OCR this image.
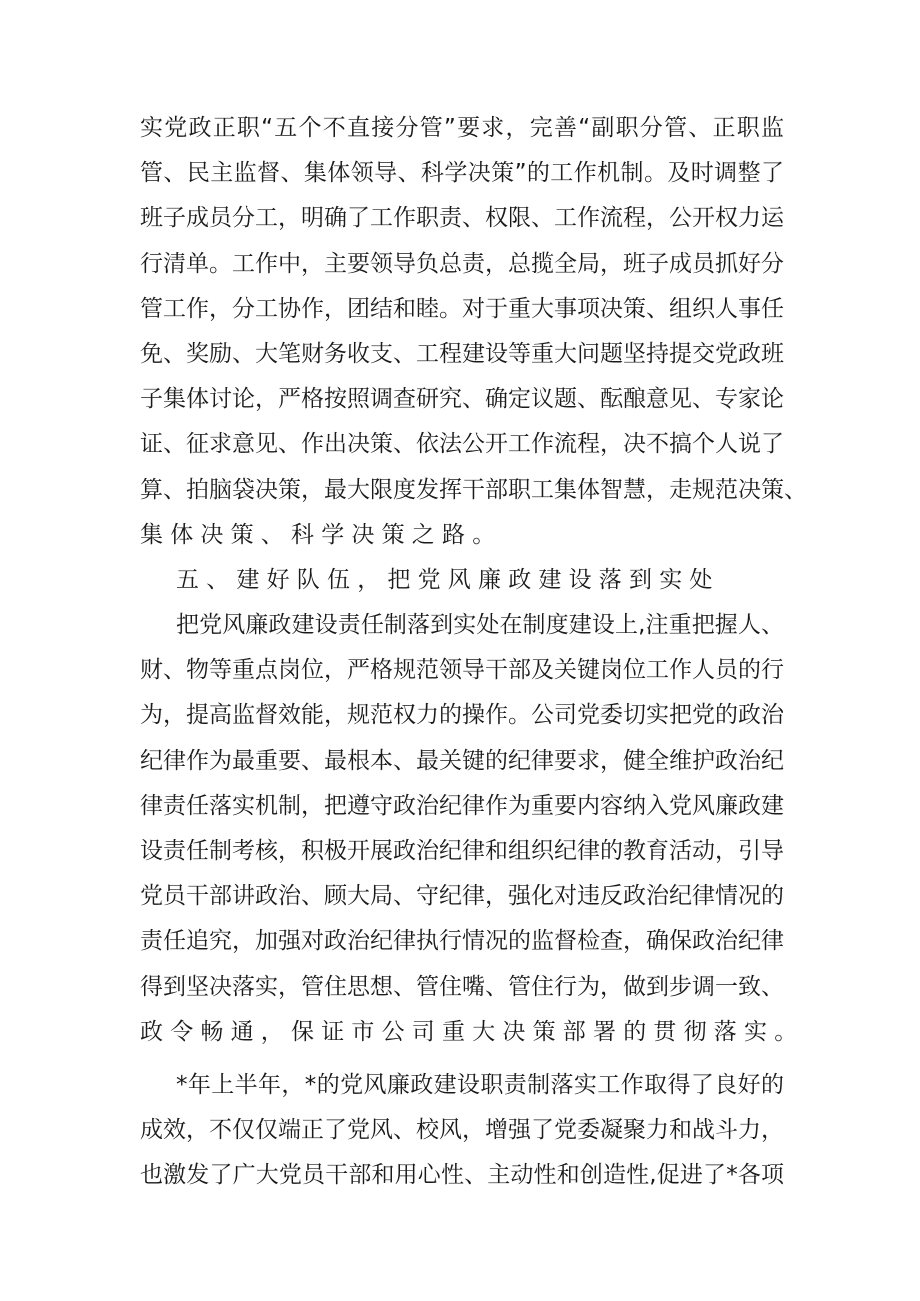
实党政正职“五个不直接分管”要求，完善“副职分管、正职监
管、民主监督、集体领导、科学决策”的工作机制。及时调整了
班子成员分工，明确了工作职责、权限、工作流程，公开权力运
行清单。工作中，主要领导负总责，总揽全局，班子成员抓好分
管工作，分工协作，团结和睦。对于重大事项决策、组织人事任
免、奖励、大笔财务收支、工程建设等重大问题坚持提交党政班
子集体讨论，严格按照调查研究、确定议题、酝酿意见、专家论
证、征求意见、作出决策、依法公开工作流程，决不搞个人说了
算、拍脑袋决策，最大限度发挥干部职工集体智慧，走规范决策、
集体决策、科学决策之路。
五、建好队伍，把党风廉政建设落到实处
把党风廉政建设责任制落到实处在制度建设上,注重把握人、
财、物等重点岗位，严格规范领导干部及关键岗位工作人员的行
为，提高监督效能，规范权力的操作。公司党委切实把党的政治
纪律作为最重要、最根本、最关键的纪律要求，健全维护政治纪
律责任落实机制，把遵守政治纪律作为重要内容纳入党风廉政建
设责任制考核，积极开展政治纪律和组织纪律的教育活动，引导
党员干部讲政治、顾大局、守纪律，强化对违反政治纪律情况的
责任追究，加强对政治纪律执行情况的监督检查，确保政治纪律
得到坚决落实，管住思想、管住嘴、管住行为，做到步调一致、
政令畅通，保证市公司重大决策部署的贯彻落实。
*年上半年，*的党风廉政建设职责制落实工作取得了良好的
成效，不仅仅端正了党风、校风，增强了党委凝聚力和战斗力，
也激发了广大党员干部和用心性、主动性和创造性,促进了*各项
